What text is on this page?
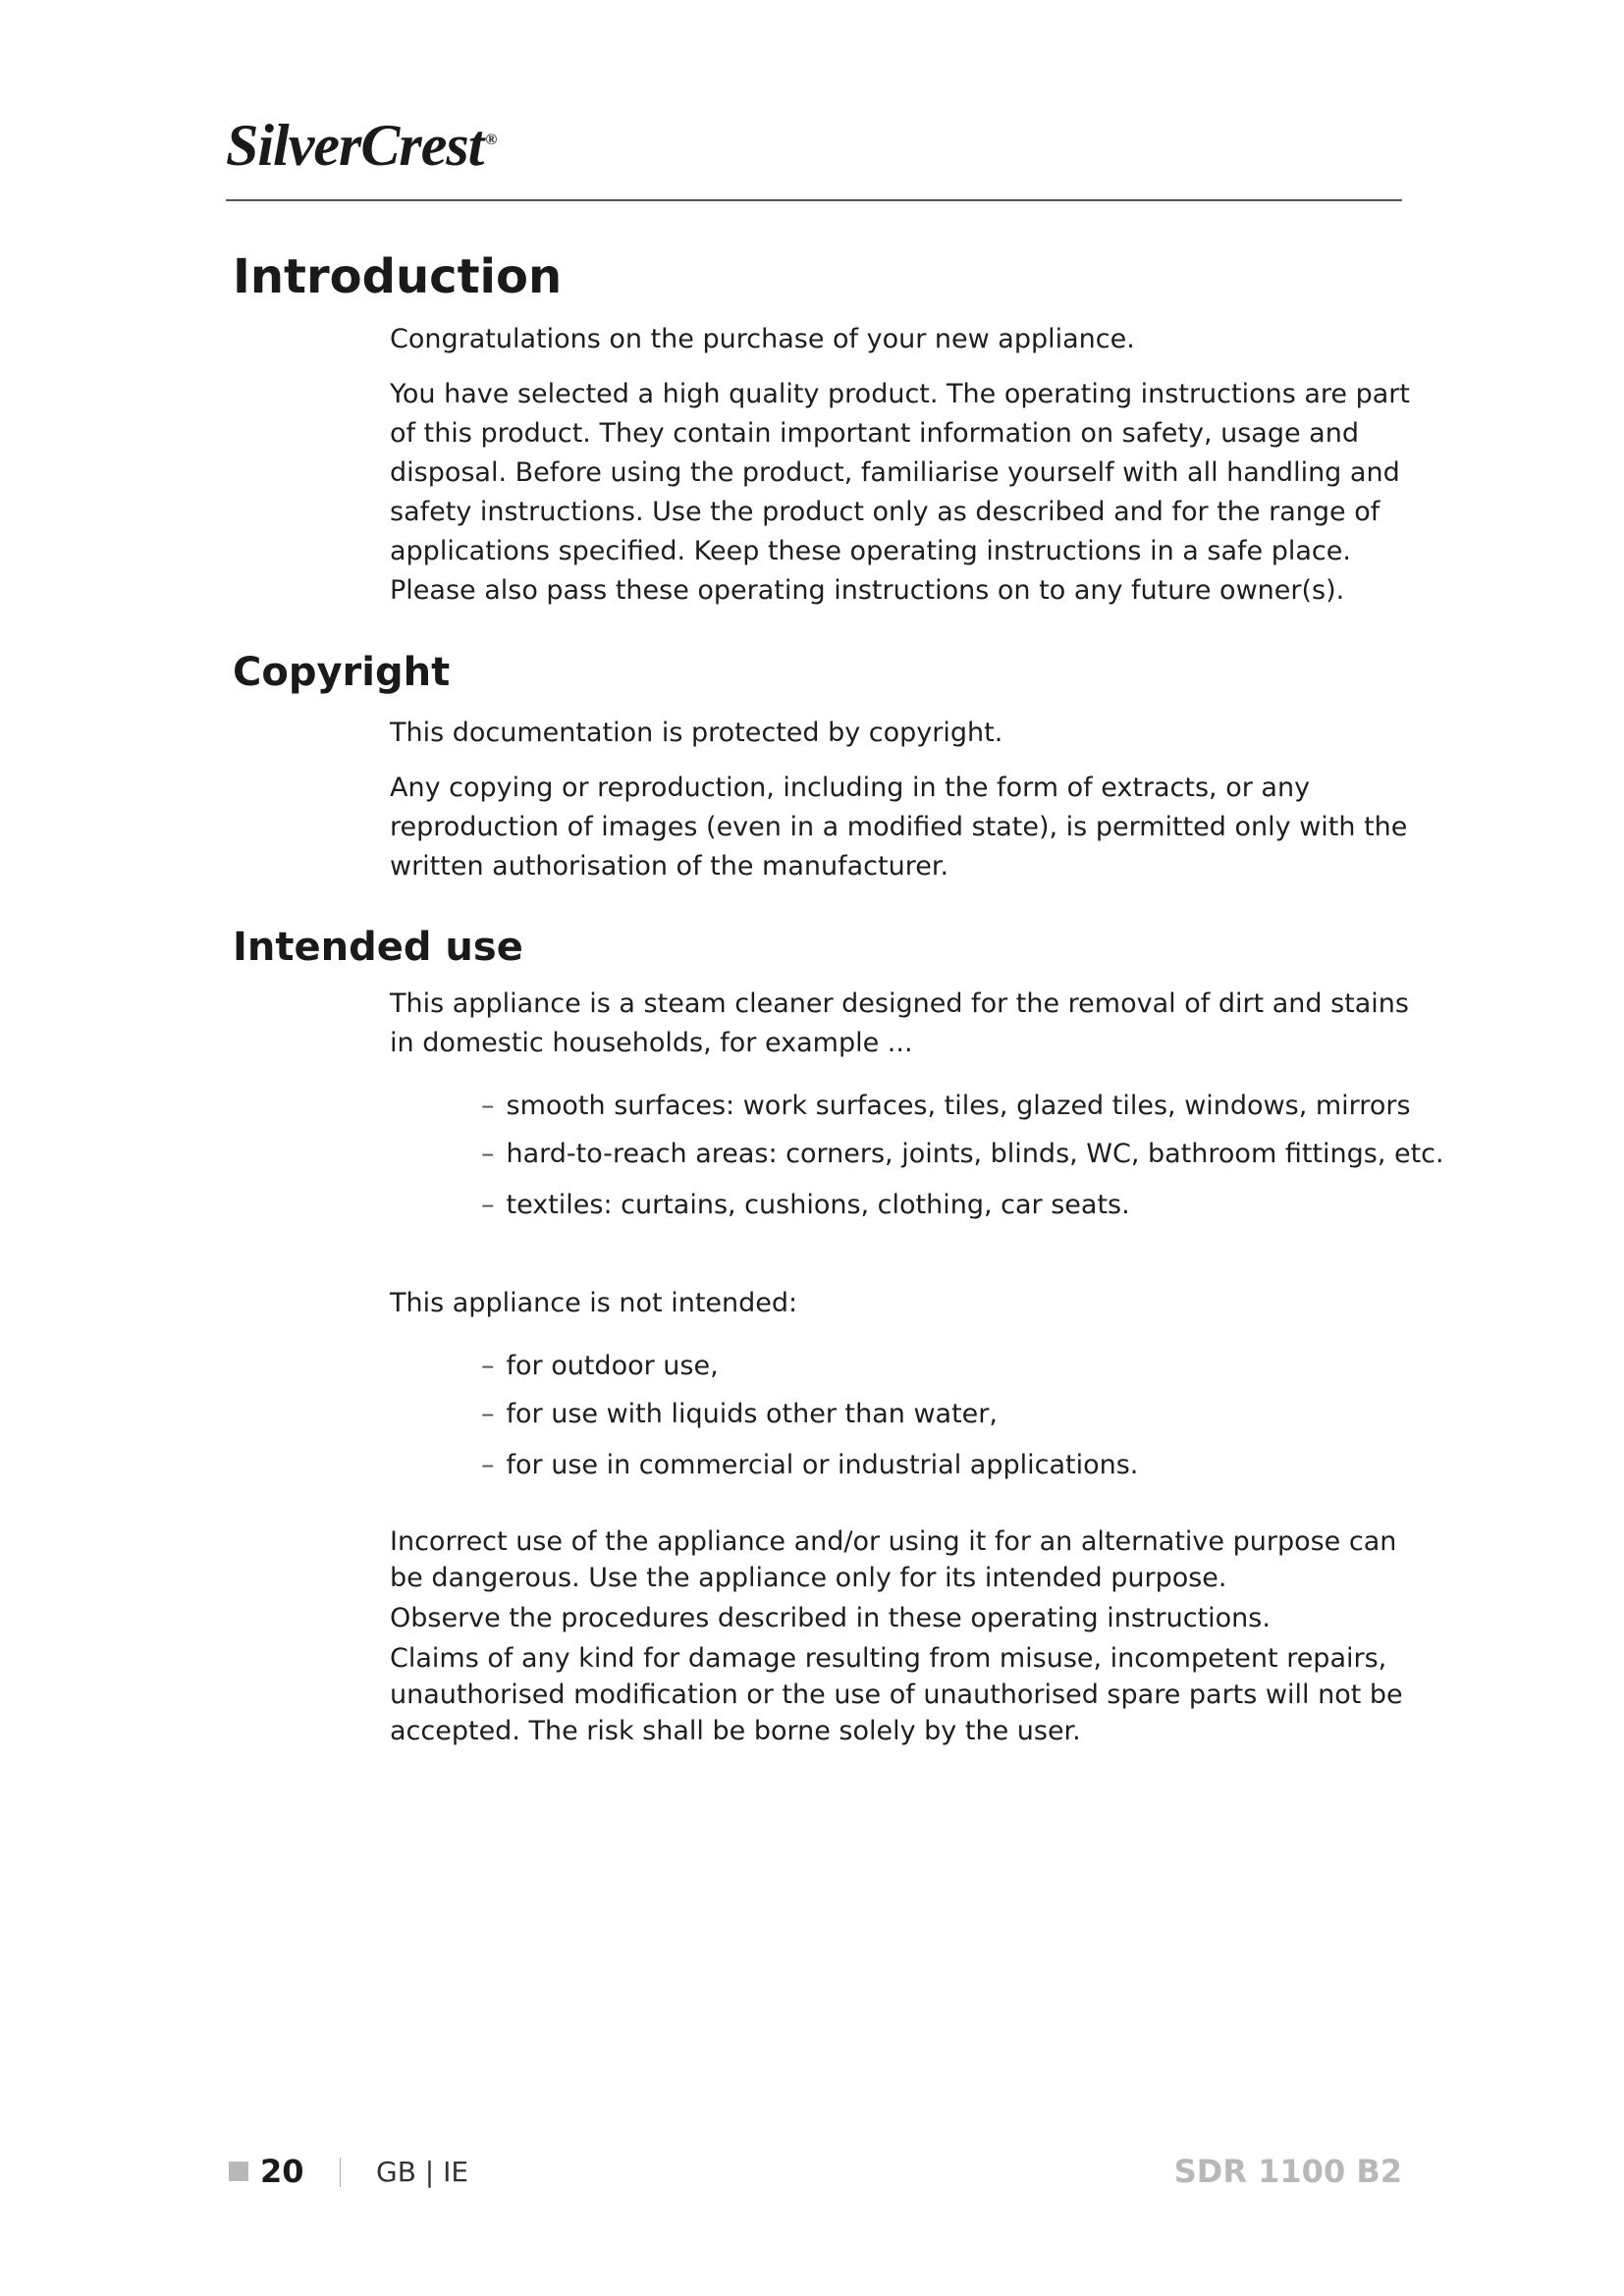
SilverCrest ®
Introduction

Congratulations on the purchase of your new appliance.

You have selected a high quality product. The operating instructions are part of this product. They contain important information on safety, usage and disposal. Before using the product, familiarise yourself with all handling and safety instructions. Use the product only as described and for the range of applications specified. Keep these operating instructions in a safe place. Please also pass these operating instructions on to any future owner(s).

Copyright

This documentation is protected by copyright.

Any copying or reproduction, including in the form of extracts, or any reproduction of images (even in a modified state), is permitted only with the written authorisation of the manufacturer.

Intended use

This appliance is a steam cleaner designed for the removal of dirt and stains in domestic households, for example ...

– smooth surfaces: work surfaces, tiles, glazed tiles, windows, mirrors
– hard-to-reach areas: corners, joints, blinds, WC, bathroom fittings, etc.
– textiles: curtains, cushions, clothing, car seats.

This appliance is not intended:

– for outdoor use,
– for use with liquids other than water,
– for use in commercial or industrial applications.

Incorrect use of the appliance and/or using it for an alternative purpose can be dangerous. Use the appliance only for its intended purpose.

Observe the procedures described in these operating instructions.

Claims of any kind for damage resulting from misuse, incompetent repairs, unauthorised modification or the use of unauthorised spare parts will not be accepted. The risk shall be borne solely by the user.

20	GB | IE	SDR 1100 B2
